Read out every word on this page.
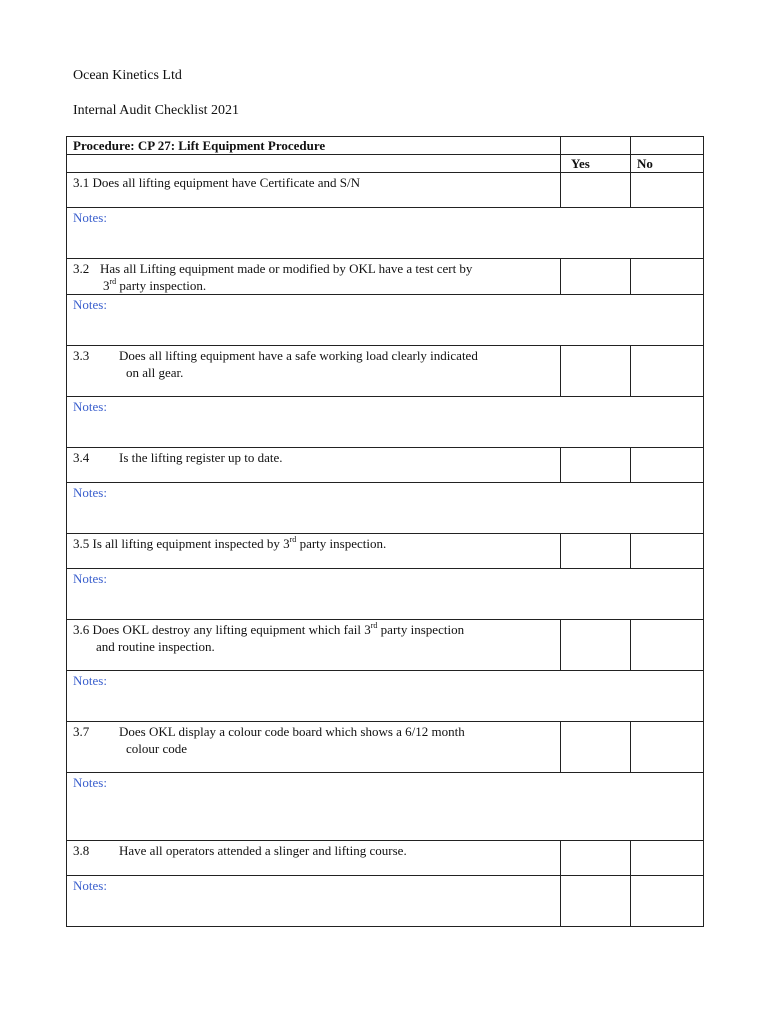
Ocean Kinetics Ltd
Internal Audit Checklist 2021
Procedure: CP 27: Lift Equipment Procedure		
	Yes	No
3.1 Does all lifting equipment have Certificate and S/N		
Notes:		

3.2 Has all Lifting equipment made or modified by OKL have a test cert by
3rd party inspection.		

Notes:		

3.3 Does all lifting equipment have a safe working load clearly indicated
on all gear.		

Notes:		
3.4 Is the lifting register up to date.		
Notes:		
3.5 Is all lifting equipment inspected by 3rd party inspection.		
Notes:		

3.6 Does OKL destroy any lifting equipment which fail 3rd party inspection
and routine inspection.		

Notes:		

3.7 Does OKL display a colour code board which shows a 6/12 month
colour code		

Notes:		
3.8 Have all operators attended a slinger and lifting course.		
Notes:		
